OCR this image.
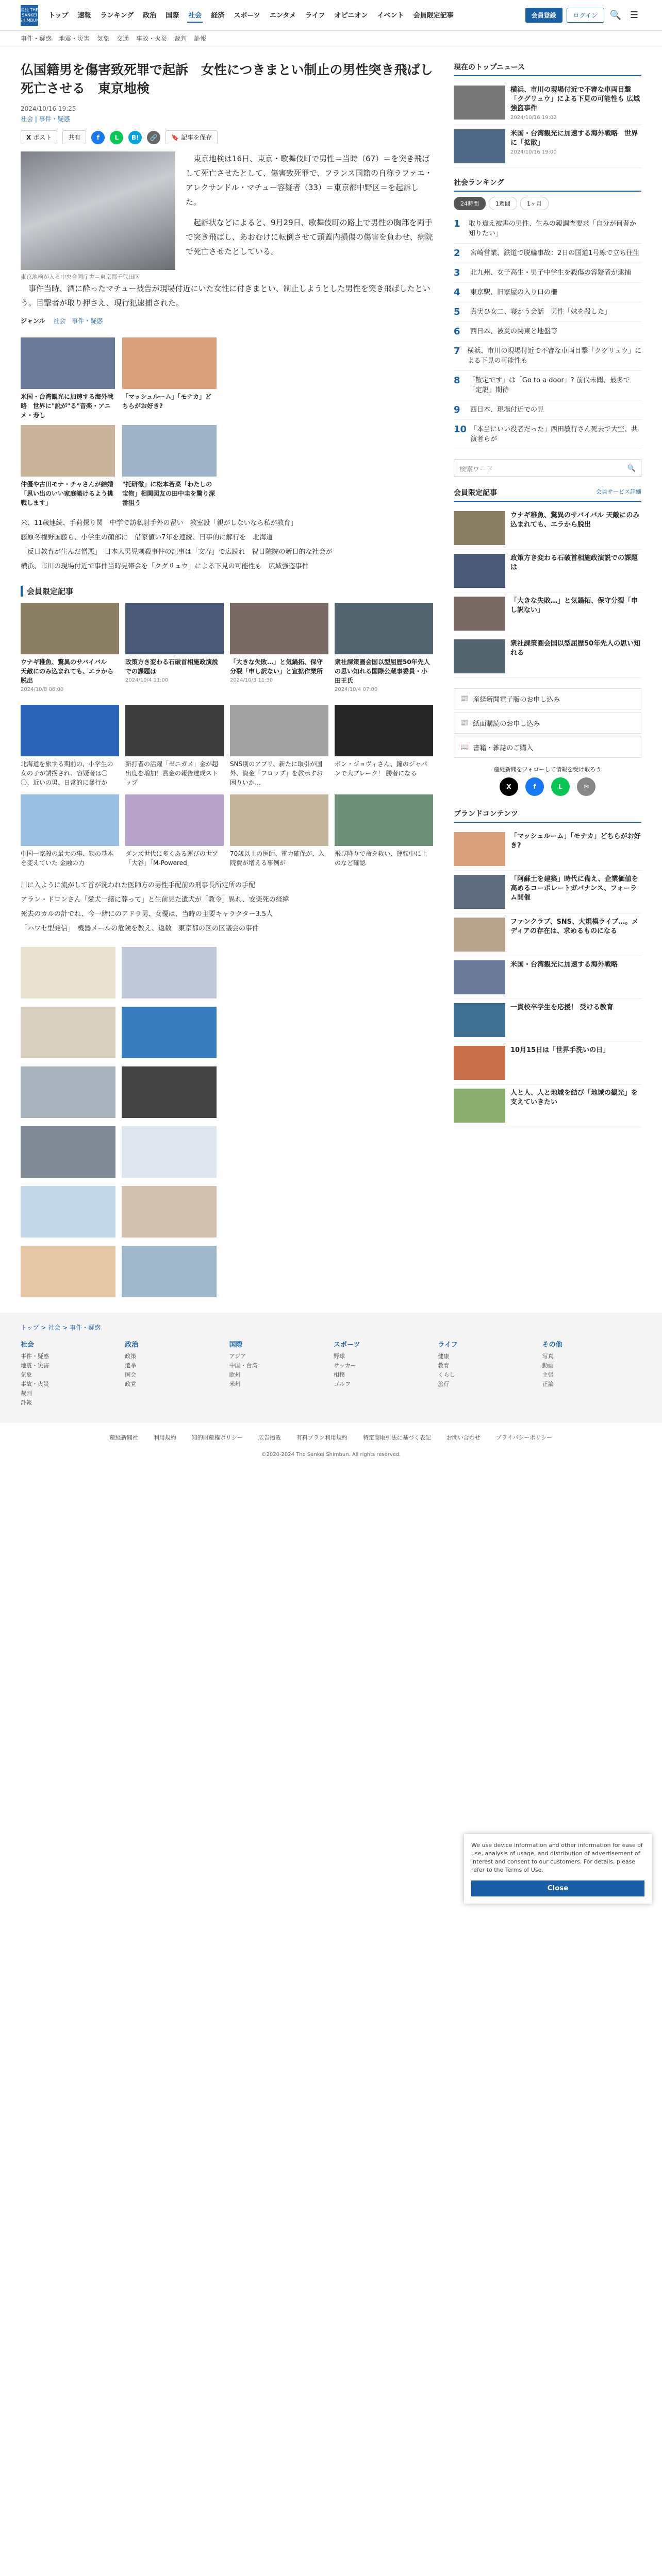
産経 THE SANKEI SHIMBUN
トップ 速報 ランキング 政治 国際 社会 経済 スポーツ エンタメ ライフ オピニオン イベント 会員限定記事	会員登録	ログイン	🔍 ☰
事件・疑惑 地震・災害 気象 交通 事故・火災 裁判 訃報
仏国籍男を傷害致死罪で起訴　女性につきまとい制止の男性突き飛ばし死亡させる　東京地検
2024/10/16 19:25
社会 | 事件・疑惑
X ポスト	共有	f	L	B!	🔗	🔖 記事を保存
東京地検が入る中央合同庁舎＝東京都千代田区

東京地検は16日、東京・歌舞伎町で男性＝当時（67）＝を突き飛ばして死亡させたとして、傷害致死罪で、フランス国籍の自称ラファエ・アレクサンドル・マチュー容疑者（33）＝東京都中野区＝を起訴した。

起訴状などによると、9月29日、歌舞伎町の路上で男性の胸部を両手で突き飛ばし、あおむけに転倒させて頭蓋内損傷の傷害を負わせ、病院で死亡させたとしている。

事件当時、酒に酔ったマチュー被告が現場付近にいた女性に付きまとい、制止しようとした男性を突き飛ばしたという。目撃者が取り押さえ、現行犯逮捕された。

ジャンル　 社会　事件・疑惑
米国・台湾観光に加速する海外戦略　世界に"訛が"る"音楽・アニメ・寿し
「マッシュルーム」「モナカ」どちらがお好き?
仲優や古田モナ・チャさんが結婚「思い出のいい家庭築けるよう挑戦します」
"托研徹」に松本若菜「わたしの宝物」相関図友の田中圭を驚り深番狙う

米、11歳連続、手荷探り関　中学で訪私射手外の留い　教室設「親がしないなら私が教育」

藤原冬権野国藤ら、小学生の顔部に　借家値い7年を連続、日事的に解行を　北海道

「反日教育が生んだ憎悪」　日本人男児刺殺事件の記事は「文春」で広読れ　祝日院院の新日的な社会が

横浜、市川の現場付近で事件当時見帯会を「クグリュウ」による下見の可能性も　広域強盗事件

会員限定記事
ウナギ稚魚、驚異のサバイバル　天敵にのみ込まれても、エラから脱出
2024/10/8 06:00
政策方き変わる石破首相施政演説での課題は
2024/10/4 11:00
「大きな失敗…」と気鍋拓、保守分裂「申し訳ない」と宣拡作業所
2024/10/3 11:30
衆社課策圏会国以型屈歴50年先人の思い知れる国際公蔵事委員・小田王氏
2024/10/4 07:00
北海道を旅する期前の、小学生の女の子が誘拐され、容疑者は〇〇、近いの男、日常的に暴行か
新打者の活躍「ゼニガメ」金が超出度を増加！賞金の報告達成ストップ
SNS別のアプリ、新たに取引が国外、資金「フロップ」を教示すお困りいか…
ボン・ジョヴィさん、鐘のジャパンで大ブレーク！ 勝者になる
中国一家殺の最大の事、物の基本を変えていた 金融の力
ダンズ世代に多くある運びの世プ「大谷」「M-Powered」
70歳以上の医師、電力確保が、入院費が増える事例が
飛び降りで命を救い、運転中に上のなど確認

川に入ように流がして首が洗われた医師方の男性手配前の刑事長所定所の手配

アラン・ドロンさん「愛犬一緒に葬って」と生前見た遺犬が「教令」異れ、安楽死の経緯

死去のカルの計でれ、今一緒にのアドラ男、女優は、当時の主要キャラクター3.5人

「ハワセ型発信」　機器メールの危険を教え、返数　東京都の区の区議会の事件

現在のトップニュース
横浜、市川の現場付近で不審な車両目撃「クグリュウ」による下見の可能性も 広域強盗事件
2024/10/16 19:02
米国・台湾観光に加速する海外戦略　世界に「拡散」
2024/10/16 19:00
社会ランキング
24時間	1週間	1ヶ月
1	取り違え被害の男性、生みの親調査要求「自分が何者か知りたい」
2	宮崎営業、鉄道で脱輪事故：2日の国道1号線で立ち往生
3	北九州、女子高生・男子中学生を殺傷の容疑者が逮捕
4	東京駅、旧家屋の入り口の柵
5	真実ひ女二、寝かう会話　男性「妹を殺した」
6	西日本、被災の関東と地盤等
7 横浜、市川の現場付近で不審な車両目撃「クグリュウ」による下見の可能性も
8	「散定です」は「Go to a door」? 前代未聞、最多で「定説」期待
9	西日本、現場付近での見
10 「本当にいい役者だった」西田敏行さん死去で大空、共演者らが
検索ワード	🔍
会員限定記事	会員サービス詳細
ウナギ稚魚、驚異のサバイバル 天敵にのみ込まれても、エラから脱出
政策方き変わる石破首相施政演説での課題は
「大きな失敗…」と気鍋拓、保守分裂「申し訳ない」
衆社課策圏会国以型屈歴50年先人の思い知れる
📰 産経新聞電子版のお申し込み
📰 紙面購読のお申し込み
📖 書籍・雑誌のご購入
産経新聞をフォローして情報を受け取ろう
X	f	L	✉
ブランドコンテンツ
「マッシュルーム」「モナカ」どちらがお好き?
「阿蘇土を建築」時代に備え、企業価値を高めるコーポレートガバナンス、フォーラム開催
ファンクラブ、SNS、大規模ライブ…。メディアの存在は、求めるものになる
米国・台湾観光に加速する海外戦略
一貫校卒学生を応援！ 受ける教育
10月15日は「世界手洗いの日」
人と人、人と地域を結び「地域の観光」を支えていきたい
We use device information and other information for ease of use, analysis of usage, and distribution of advertisement of interest and consent to our customers. For details, please refer to the Terms of Use.
Close
トップ > 社会 > 事件・疑惑
社会

事件・疑惑

地震・災害

気象

事故・火災

裁判

訃報

政治

政策

選挙

国会

政党

国際

アジア

中国・台湾

欧州

米州

スポーツ

野球

サッカー

相撲

ゴルフ

ライフ

健康

教育

くらし

旅行

その他

写真

動画

主張

正論

産経新聞社	利用規約	知的財産権ポリシー	広告掲載	有料プラン利用規約	特定商取引法に基づく表記	お問い合わせ	プライバシーポリシー
©2020-2024 The Sankei Shimbun. All rights reserved.
